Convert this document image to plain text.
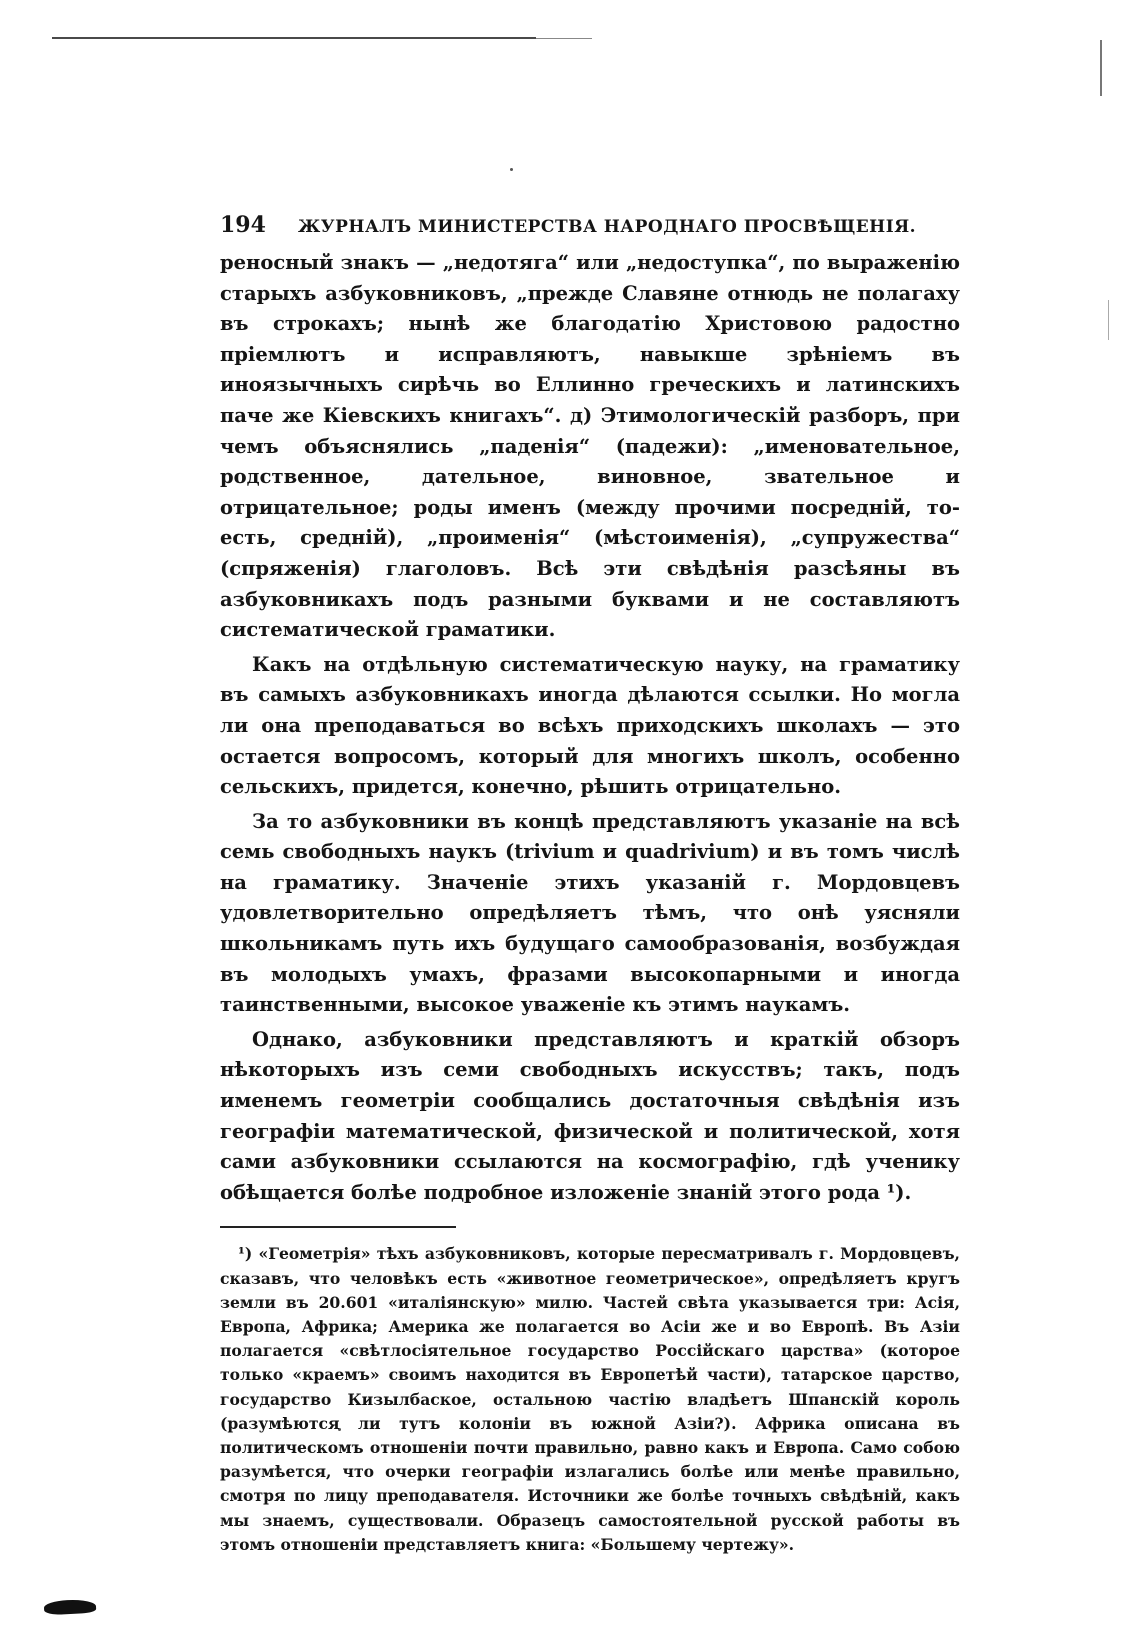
194	ЖУРНАЛЪ МИНИСТЕРСТВА НАРОДНАГО ПРОСВѢЩЕНІЯ.

реносный знакъ — „недотяга“ или „недоступка“, по выраженію старыхъ азбуковниковъ, „прежде Славяне отнюдь не полагаху въ строкахъ; нынѣ же благодатію Христовою радостно пріемлютъ и исправляютъ, навыкше зрѣніемъ въ иноязычныхъ сирѣчь во Еллинно греческихъ и латинскихъ паче же Кіевскихъ книгахъ“. д) Этимологическій разборъ, при чемъ объяснялись „паденія“ (падежи): „именовательное, родственное, дательное, виновное, звательное и отрицательное; роды именъ (между прочими посредній, то-есть, средній), „проименія“ (мѣстоименія), „супружества“ (спряженія) глаголовъ. Всѣ эти свѣдѣнія разсѣяны въ азбуковникахъ подъ разными буквами и не составляютъ систематической граматики.

Какъ на отдѣльную систематическую науку, на граматику въ самыхъ азбуковникахъ иногда дѣлаются ссылки. Но могла ли она преподаваться во всѣхъ приходскихъ школахъ — это остается вопросомъ, который для многихъ школъ, особенно сельскихъ, придется, конечно, рѣшить отрицательно.

За то азбуковники въ концѣ представляютъ указаніе на всѣ семь свободныхъ наукъ (trivium и quadrivium) и въ томъ числѣ на граматику. Значеніе этихъ указаній г. Мордовцевъ удовлетворительно опредѣляетъ тѣмъ, что онѣ уясняли школьникамъ путь ихъ будущаго самообразованія, возбуждая въ молодыхъ умахъ, фразами высокопарными и иногда таинственными, высокое уваженіе къ этимъ наукамъ.

Однако, азбуковники представляютъ и краткій обзоръ нѣкоторыхъ изъ семи свободныхъ искусствъ; такъ, подъ именемъ геометріи сообщались достаточныя свѣдѣнія изъ географіи математической, физической и политической, хотя сами азбуковники ссылаются на космографію, гдѣ ученику обѣщается болѣе подробное изложеніе знаній этого рода ¹).

¹) «Геометрія» тѣхъ азбуковниковъ, которые пересматривалъ г. Мордовцевъ, сказавъ, что человѣкъ есть «животное геометрическое», опредѣляетъ кругъ земли въ 20.601 «италіянскую» милю. Частей свѣта указывается три: Асія, Европа, Африка; Америка же полагается во Асіи же и во Европѣ. Въ Азіи полагается «свѣтлосіятельное государство Россійскаго царства» (которое только «краемъ» своимъ находится въ Европетѣй части), татарское царство, государство Кизылбаское, остальною частію владѣетъ Шпанскій король (разумѣются ли тутъ колоніи въ южной Азіи?). Африка описана въ политическомъ отношеніи почти правильно, равно какъ и Европа. Само собою разумѣется, что очерки географіи излагались болѣе или менѣе правильно, смотря по лицу преподавателя. Источники же болѣе точныхъ свѣдѣній, какъ мы знаемъ, существовали. Образецъ самостоятельной русской работы въ этомъ отношеніи представляетъ книга: «Большему чертежу».
